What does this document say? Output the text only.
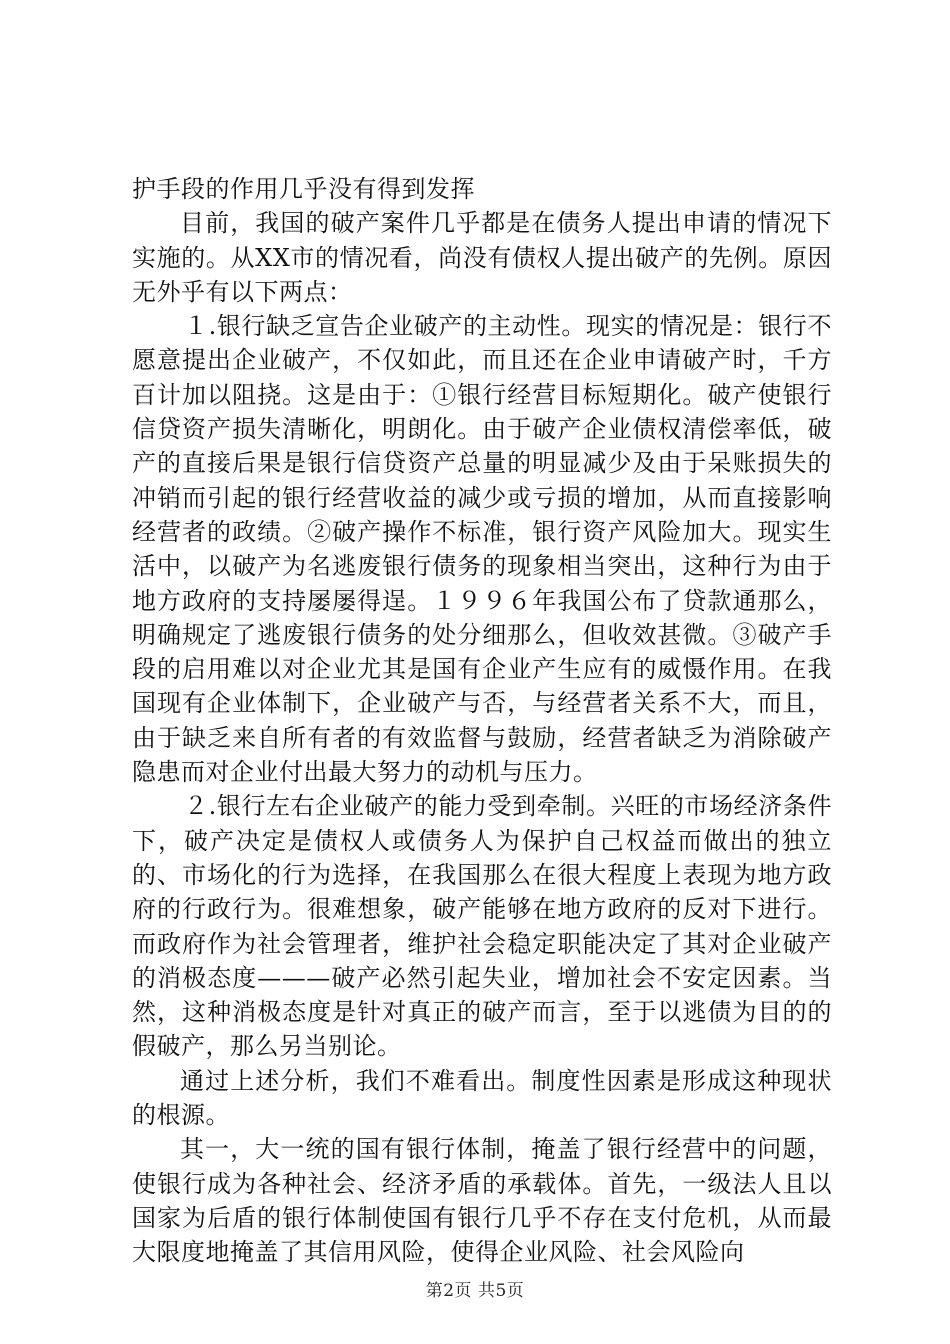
护手段的作用几乎没有得到发挥

目前，我国的破产案件几乎都是在债务人提出申请的情况下实施的。从XX市的情况看，尚没有债权人提出破产的先例。原因无外乎有以下两点：

１.银行缺乏宣告企业破产的主动性。现实的情况是：银行不愿意提出企业破产，不仅如此，而且还在企业申请破产时，千方百计加以阻挠。这是由于：①银行经营目标短期化。破产使银行信贷资产损失清晰化，明朗化。由于破产企业债权清偿率低，破产的直接后果是银行信贷资产总量的明显减少及由于呆账损失的冲销而引起的银行经营收益的减少或亏损的增加，从而直接影响经营者的政绩。②破产操作不标准，银行资产风险加大。现实生活中，以破产为名逃废银行债务的现象相当突出，这种行为由于地方政府的支持屡屡得逞。１９９６年我国公布了贷款通那么，明确规定了逃废银行债务的处分细那么，但收效甚微。③破产手段的启用难以对企业尤其是国有企业产生应有的威慑作用。在我国现有企业体制下，企业破产与否，与经营者关系不大，而且，由于缺乏来自所有者的有效监督与鼓励，经营者缺乏为消除破产隐患而对企业付出最大努力的动机与压力。

２.银行左右企业破产的能力受到牵制。兴旺的市场经济条件下，破产决定是债权人或债务人为保护自己权益而做出的独立的、市场化的行为选择，在我国那么在很大程度上表现为地方政府的行政行为。很难想象，破产能够在地方政府的反对下进行。而政府作为社会管理者，维护社会稳定职能决定了其对企业破产的消极态度———破产必然引起失业，增加社会不安定因素。当然，这种消极态度是针对真正的破产而言，至于以逃债为目的的假破产，那么另当别论。

通过上述分析，我们不难看出。制度性因素是形成这种现状的根源。

其一，大一统的国有银行体制，掩盖了银行经营中的问题，使银行成为各种社会、经济矛盾的承载体。首先，一级法人且以国家为后盾的银行体制使国有银行几乎不存在支付危机，从而最大限度地掩盖了其信用风险，使得企业风险、社会风险向

第2页 共5页
